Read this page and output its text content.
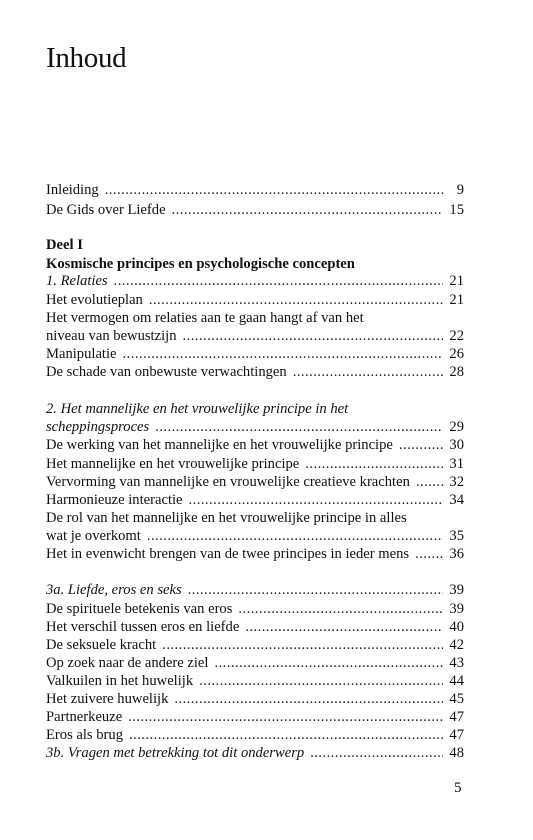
Inhoud
Inleiding . . .	9
De Gids over Liefde . . .	15
Deel I
Kosmische principes en psychologische concepten
1. Relaties . . .	21
Het evolutieplan . . .	21
Het vermogen om relaties aan te gaan hangt af van het
niveau van bewustzijn . . .	22
Manipulatie . . .	26
De schade van onbewuste verwachtingen . . .	28
2. Het mannelijke en het vrouwelijke principe in het
scheppingsproces . . .	29
De werking van het mannelijke en het vrouwelijke principe . . .	30
Het mannelijke en het vrouwelijke principe . . .	31
Vervorming van mannelijke en vrouwelijke creatieve krachten . . .	32
Harmonieuze interactie . . .	34
De rol van het mannelijke en het vrouwelijke principe in alles
wat je overkomt . . .	35
Het in evenwicht brengen van de twee principes in ieder mens . . .	36
3a. Liefde, eros en seks . . .	39
De spirituele betekenis van eros . . .	39
Het verschil tussen eros en liefde . . .	40
De seksuele kracht . . .	42
Op zoek naar de andere ziel . . .	43
Valkuilen in het huwelijk . . .	44
Het zuivere huwelijk . . .	45
Partnerkeuze . . .	47
Eros als brug . . .	47
3b. Vragen met betrekking tot dit onderwerp . . .	48
5
